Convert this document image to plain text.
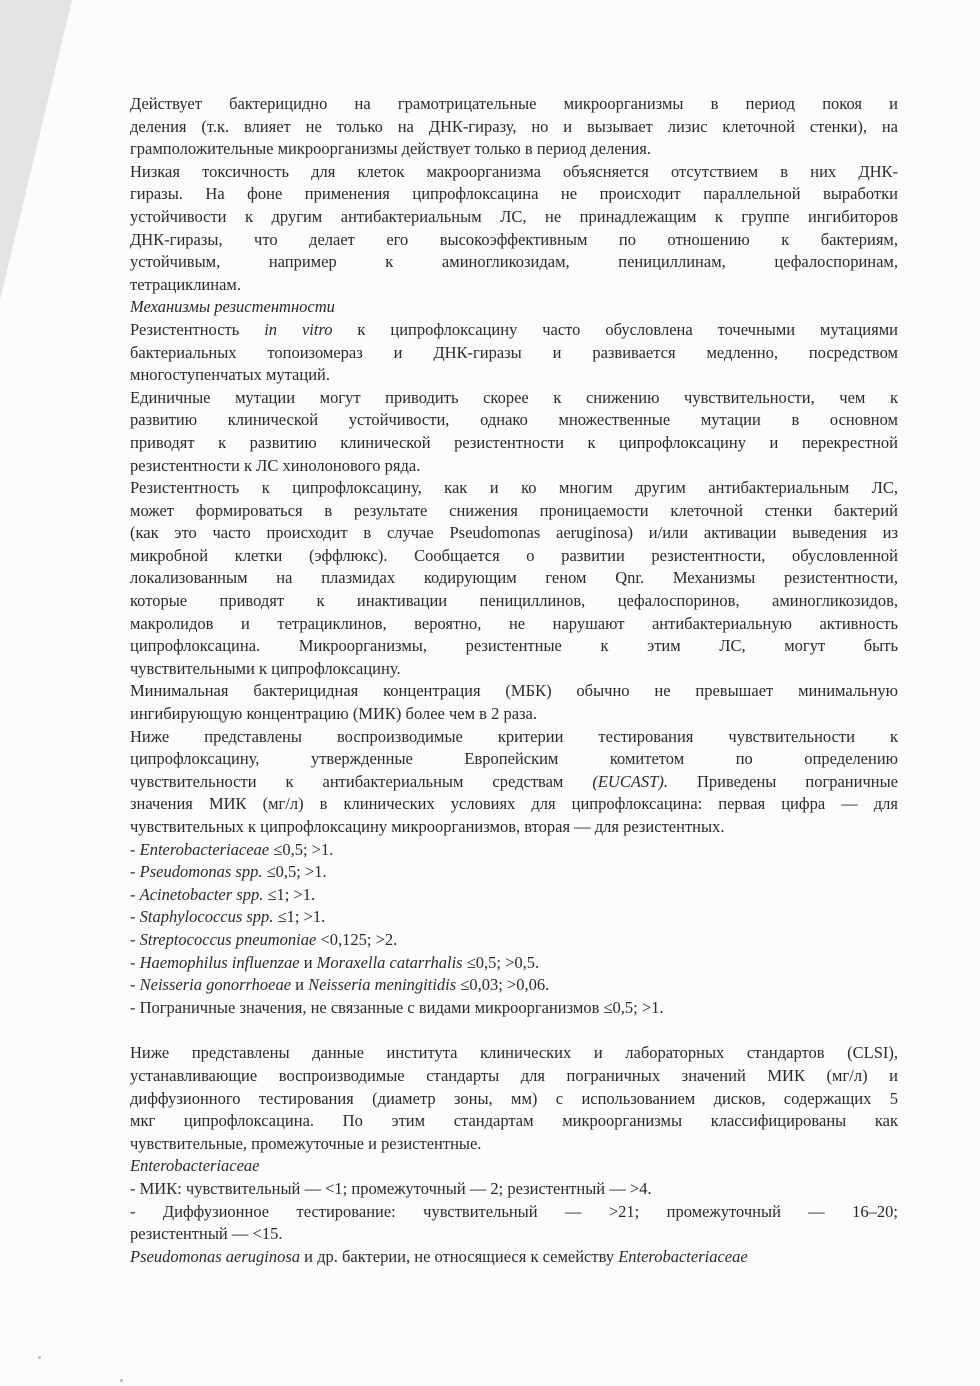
Действует бактерицидно на грамотрицательные микроорганизмы в период покоя и

деления (т.к. влияет не только на ДНК-гиразу, но и вызывает лизис клеточной стенки), на

грамположительные микроорганизмы действует только в период деления.

Низкая токсичность для клеток макроорганизма объясняется отсутствием в них ДНК-

гиразы. На фоне применения ципрофлоксацина не происходит параллельной выработки

устойчивости к другим антибактериальным ЛС, не принадлежащим к группе ингибиторов

ДНК-гиразы, что делает его высокоэффективным по отношению к бактериям,

устойчивым, например к аминогликозидам, пенициллинам, цефалоспоринам,

тетрациклинам.

Механизмы резистентности

Резистентность in vitro к ципрофлоксацину часто обусловлена точечными мутациями

бактериальных топоизомераз и ДНК-гиразы и развивается медленно, посредством

многоступенчатых мутаций.

Единичные мутации могут приводить скорее к снижению чувствительности, чем к

развитию клинической устойчивости, однако множественные мутации в основном

приводят к развитию клинической резистентности к ципрофлоксацину и перекрестной

резистентности к ЛС хинолонового ряда.

Резистентность к ципрофлоксацину, как и ко многим другим антибактериальным ЛС,

может формироваться в результате снижения проницаемости клеточной стенки бактерий

(как это часто происходит в случае Pseudomonas aeruginosa) и/или активации выведения из

микробной клетки (эффлюкс). Сообщается о развитии резистентности, обусловленной

локализованным на плазмидах кодирующим геном Qnr. Механизмы резистентности,

которые приводят к инактивации пенициллинов, цефалоспоринов, аминогликозидов,

макролидов и тетрациклинов, вероятно, не нарушают антибактериальную активность

ципрофлоксацина. Микроорганизмы, резистентные к этим ЛС, могут быть

чувствительными к ципрофлоксацину.

Минимальная бактерицидная концентрация (МБК) обычно не превышает минимальную

ингибирующую концентрацию (МИК) более чем в 2 раза.

Ниже представлены воспроизводимые критерии тестирования чувствительности к

ципрофлоксацину, утвержденные Европейским комитетом по определению

чувствительности к антибактериальным средствам (EUCAST). Приведены пограничные

значения МИК (мг/л) в клинических условиях для ципрофлоксацина: первая цифра — для

чувствительных к ципрофлоксацину микроорганизмов, вторая — для резистентных.

- Enterobacteriaceae ≤0,5; >1.

- Pseudomonas spp. ≤0,5; >1.

- Acinetobacter spp. ≤1; >1.

- Staphylococcus spp. ≤1; >1.

- Streptococcus pneumoniae <0,125; >2.

- Haemophilus influenzae и Moraxella catarrhalis ≤0,5; >0,5.

- Neisseria gonorrhoeae и Neisseria meningitidis ≤0,03; >0,06.

- Пограничные значения, не связанные с видами микроорганизмов ≤0,5; >1.

Ниже представлены данные института клинических и лабораторных стандартов (CLSI),

устанавливающие воспроизводимые стандарты для пограничных значений МИК (мг/л) и

диффузионного тестирования (диаметр зоны, мм) с использованием дисков, содержащих 5

мкг ципрофлоксацина. По этим стандартам микроорганизмы классифицированы как

чувствительные, промежуточные и резистентные.

Enterobacteriaceae

- МИК: чувствительный — <1; промежуточный — 2; резистентный — >4.

- Диффузионное тестирование: чувствительный — >21; промежуточный — 16–20;

резистентный — <15.

Pseudomonas aeruginosa и др. бактерии, не относящиеся к семейству Enterobacteriaceae
